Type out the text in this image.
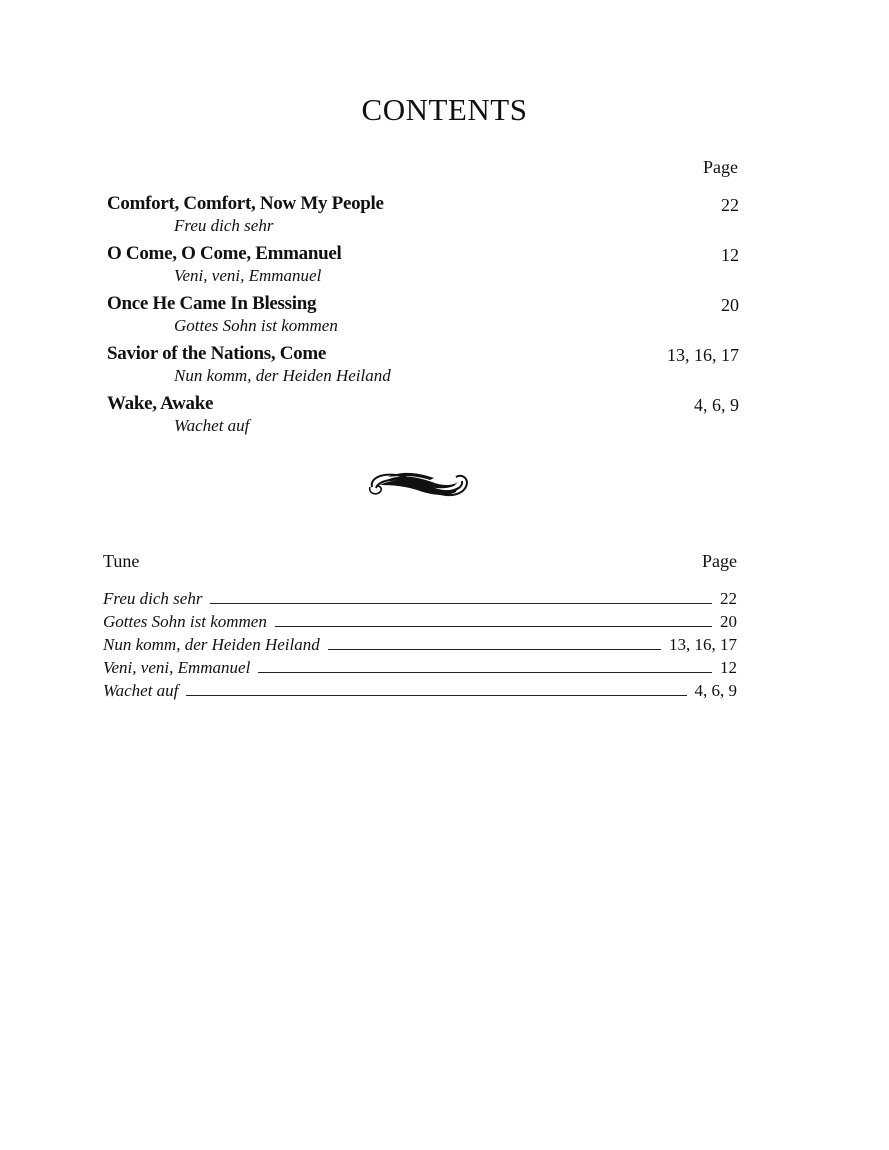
CONTENTS
Page
Comfort, Comfort, Now My People
Freu dich sehr
22
O Come, O Come, Emmanuel
Veni, veni, Emmanuel
12
Once He Came In Blessing
Gottes Sohn ist kommen
20
Savior of the Nations, Come
Nun komm, der Heiden Heiland
13, 16, 17
Wake, Awake
Wachet auf
4, 6, 9
Tune	Page
Freu dich sehr	22
Gottes Sohn ist kommen	20
Nun komm, der Heiden Heiland	13, 16, 17
Veni, veni, Emmanuel	12
Wachet auf	4, 6, 9
